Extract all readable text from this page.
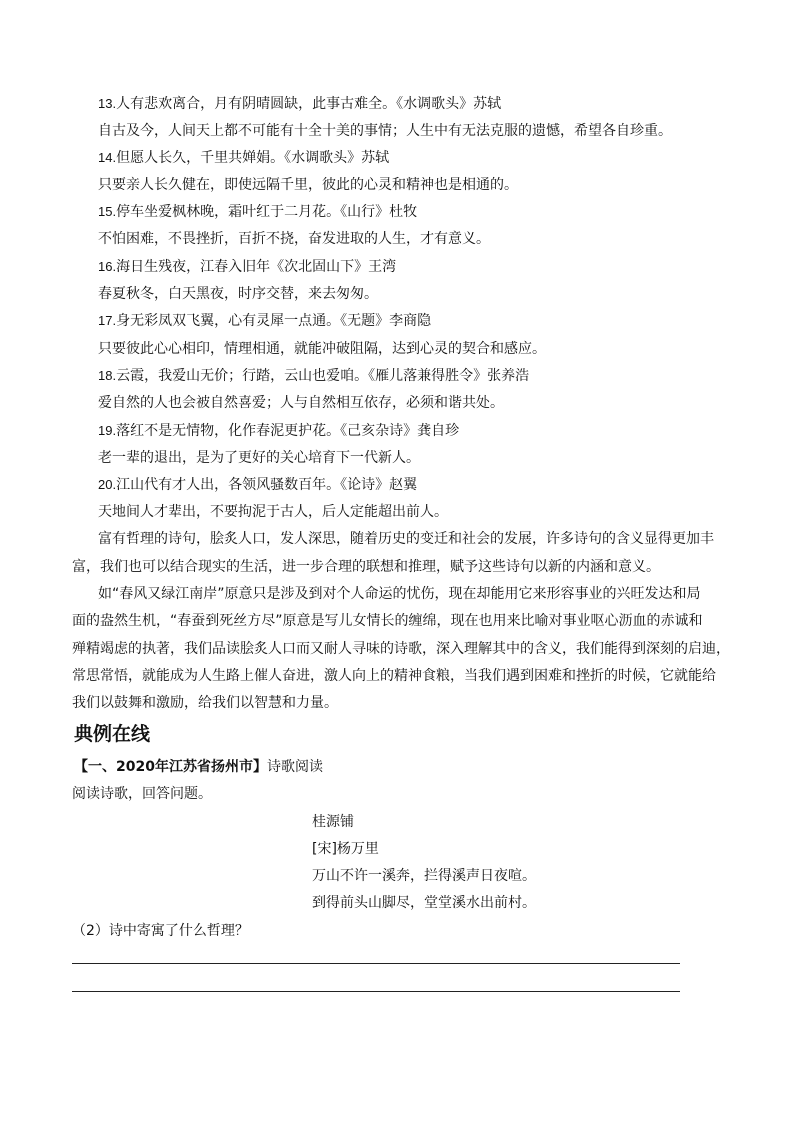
13.人有悲欢离合，月有阴晴圆缺，此事古难全。《水调歌头》苏轼
自古及今，人间天上都不可能有十全十美的事情；人生中有无法克服的遗憾，希望各自珍重。
14.但愿人长久，千里共婵娟。《水调歌头》苏轼
只要亲人长久健在，即使远隔千里，彼此的心灵和精神也是相通的。
15.停车坐爱枫林晚，霜叶红于二月花。《山行》杜牧
不怕困难，不畏挫折，百折不挠，奋发进取的人生，才有意义。
16.海日生残夜，江春入旧年《次北固山下》王湾
春夏秋冬，白天黑夜，时序交替，来去匆匆。
17.身无彩凤双飞翼，心有灵犀一点通。《无题》李商隐
只要彼此心心相印，情理相通，就能冲破阻隔，达到心灵的契合和感应。
18.云霞，我爱山无价；行踏，云山也爱咱。《雁儿落兼得胜令》张养浩
爱自然的人也会被自然喜爱；人与自然相互依存，必须和谐共处。
19.落红不是无情物，化作春泥更护花。《己亥杂诗》龚自珍
老一辈的退出，是为了更好的关心培育下一代新人。
20.江山代有才人出，各领风骚数百年。《论诗》赵翼
天地间人才辈出，不要拘泥于古人，后人定能超出前人。
富有哲理的诗句，脍炙人口，发人深思，随着历史的变迁和社会的发展，许多诗句的含义显得更加丰
富，我们也可以结合现实的生活，进一步合理的联想和推理，赋予这些诗句以新的内涵和意义。
如“春风又绿江南岸”原意只是涉及到对个人命运的忧伤，现在却能用它来形容事业的兴旺发达和局
面的盎然生机，“春蚕到死丝方尽”原意是写儿女情长的缠绵，现在也用来比喻对事业呕心沥血的赤诚和
殚精竭虑的执著，我们品读脍炙人口而又耐人寻味的诗歌，深入理解其中的含义，我们能得到深刻的启迪，
常思常悟，就能成为人生路上催人奋进，激人向上的精神食粮，当我们遇到困难和挫折的时候，它就能给
我们以鼓舞和激励，给我们以智慧和力量。
典例在线
【一、2020年江苏省扬州市】诗歌阅读
阅读诗歌，回答问题。
桂源铺
[宋]杨万里
万山不许一溪奔，拦得溪声日夜喧。
到得前头山脚尽，堂堂溪水出前村。
（2）诗中寄寓了什么哲理？
